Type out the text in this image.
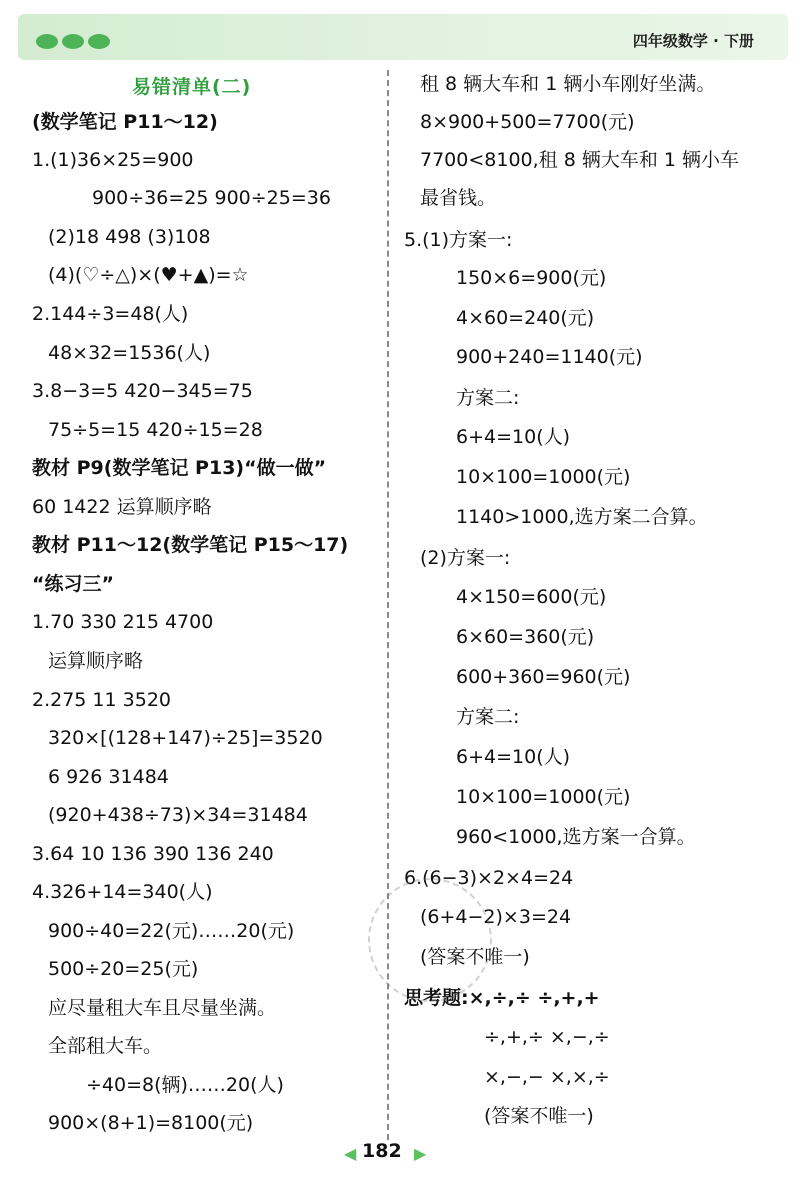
四年级数学 · 下册
易错清单(二)
(数学笔记 P11～12)
1.(1)36×25=900
900÷36=25 900÷25=36
(2)18 498 (3)108
(4)(♡÷△)×(♥+▲)=☆
2.144÷3=48(人)
48×32=1536(人)
3.8−3=5 420−345=75
75÷5=15 420÷15=28
教材 P9(数学笔记 P13)“做一做”
60 1422 运算顺序略
教材 P11～12(数学笔记 P15～17)
“练习三”
1.70 330 215 4700
运算顺序略
2.275 11 3520
320×[(128+147)÷25]=3520
6 926 31484
(920+438÷73)×34=31484
3.64 10 136 390 136 240
4.326+14=340(人)
900÷40=22(元)……20(元)
500÷20=25(元)
应尽量租大车且尽量坐满。
全部租大车。
÷40=8(辆)……20(人)
900×(8+1)=8100(元)
租 8 辆大车和 1 辆小车刚好坐满。
8×900+500=7700(元)
7700<8100,租 8 辆大车和 1 辆小车
最省钱。
5.(1)方案一:
150×6=900(元)
4×60=240(元)
900+240=1140(元)
方案二:
6+4=10(人)
10×100=1000(元)
1140>1000,选方案二合算。
(2)方案一:
4×150=600(元)
6×60=360(元)
600+360=960(元)
方案二:
6+4=10(人)
10×100=1000(元)
960<1000,选方案一合算。
6.(6−3)×2×4=24
(6+4−2)×3=24
(答案不唯一)
思考题:×,÷,÷ ÷,+,+
÷,+,÷ ×,−,÷
×,−,− ×,×,÷
(答案不唯一)
◀ 182 ▶
